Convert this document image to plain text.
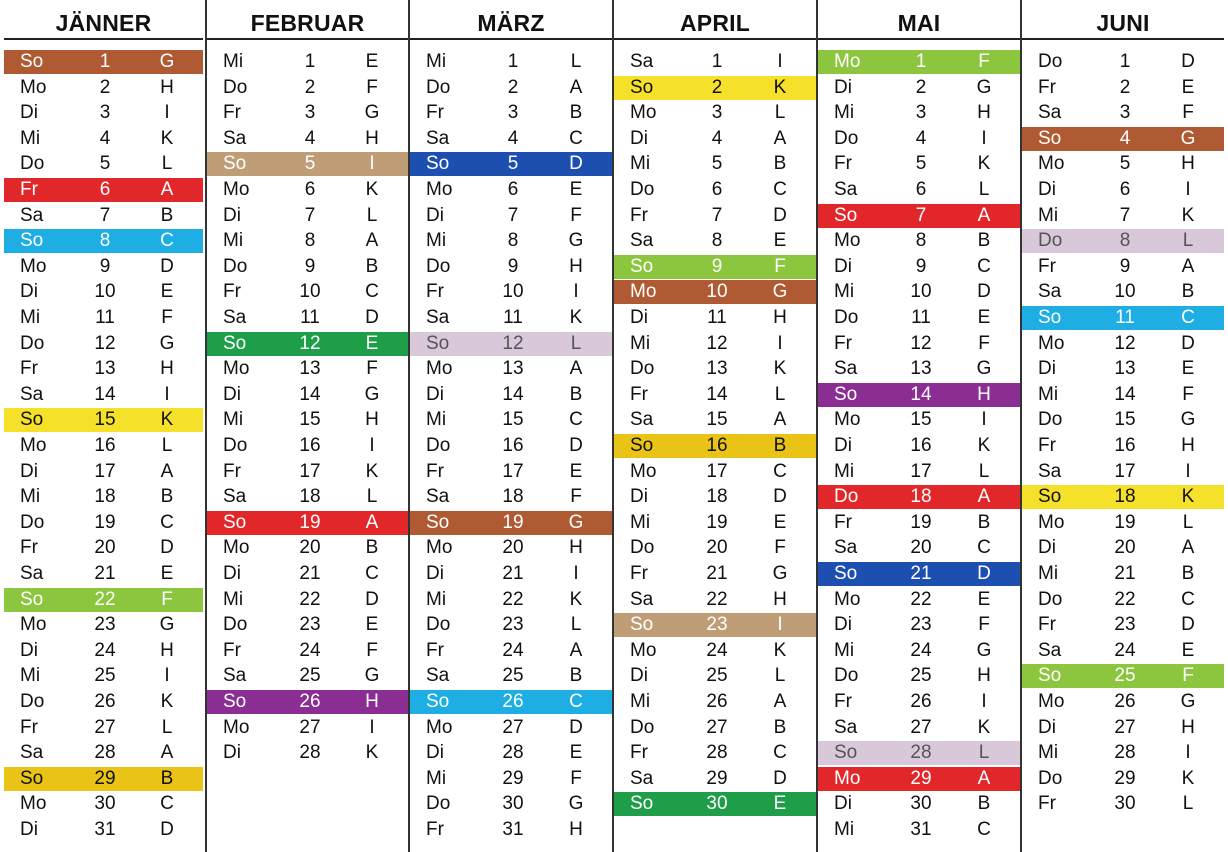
JÄNNER
So	1	G
Mo	2	H
Di	3	I
Mi	4	K
Do	5	L
Fr	6	A
Sa	7	B
So	8	C
Mo	9	D
Di	10	E
Mi	11	F
Do	12	G
Fr	13	H
Sa	14	I
So	15	K
Mo	16	L
Di	17	A
Mi	18	B
Do	19	C
Fr	20	D
Sa	21	E
So	22	F
Mo	23	G
Di	24	H
Mi	25	I
Do	26	K
Fr	27	L
Sa	28	A
So	29	B
Mo	30	C
Di	31	D
FEBRUAR
Mi	1	E
Do	2	F
Fr	3	G
Sa	4	H
So	5	I
Mo	6	K
Di	7	L
Mi	8	A
Do	9	B
Fr	10	C
Sa	11	D
So	12	E
Mo	13	F
Di	14	G
Mi	15	H
Do	16	I
Fr	17	K
Sa	18	L
So	19	A
Mo	20	B
Di	21	C
Mi	22	D
Do	23	E
Fr	24	F
Sa	25	G
So	26	H
Mo	27	I
Di	28	K
MÄRZ
Mi	1	L
Do	2	A
Fr	3	B
Sa	4	C
So	5	D
Mo	6	E
Di	7	F
Mi	8	G
Do	9	H
Fr	10	I
Sa	11	K
So	12	L
Mo	13	A
Di	14	B
Mi	15	C
Do	16	D
Fr	17	E
Sa	18	F
So	19	G
Mo	20	H
Di	21	I
Mi	22	K
Do	23	L
Fr	24	A
Sa	25	B
So	26	C
Mo	27	D
Di	28	E
Mi	29	F
Do	30	G
Fr	31	H
APRIL
Sa	1	I
So	2	K
Mo	3	L
Di	4	A
Mi	5	B
Do	6	C
Fr	7	D
Sa	8	E
So	9	F
Mo	10	G
Di	11	H
Mi	12	I
Do	13	K
Fr	14	L
Sa	15	A
So	16	B
Mo	17	C
Di	18	D
Mi	19	E
Do	20	F
Fr	21	G
Sa	22	H
So	23	I
Mo	24	K
Di	25	L
Mi	26	A
Do	27	B
Fr	28	C
Sa	29	D
So	30	E
MAI
Mo	1	F
Di	2	G
Mi	3	H
Do	4	I
Fr	5	K
Sa	6	L
So	7	A
Mo	8	B
Di	9	C
Mi	10	D
Do	11	E
Fr	12	F
Sa	13	G
So	14	H
Mo	15	I
Di	16	K
Mi	17	L
Do	18	A
Fr	19	B
Sa	20	C
So	21	D
Mo	22	E
Di	23	F
Mi	24	G
Do	25	H
Fr	26	I
Sa	27	K
So	28	L
Mo	29	A
Di	30	B
Mi	31	C
JUNI
Do	1	D
Fr	2	E
Sa	3	F
So	4	G
Mo	5	H
Di	6	I
Mi	7	K
Do	8	L
Fr	9	A
Sa	10	B
So	11	C
Mo	12	D
Di	13	E
Mi	14	F
Do	15	G
Fr	16	H
Sa	17	I
So	18	K
Mo	19	L
Di	20	A
Mi	21	B
Do	22	C
Fr	23	D
Sa	24	E
So	25	F
Mo	26	G
Di	27	H
Mi	28	I
Do	29	K
Fr	30	L
